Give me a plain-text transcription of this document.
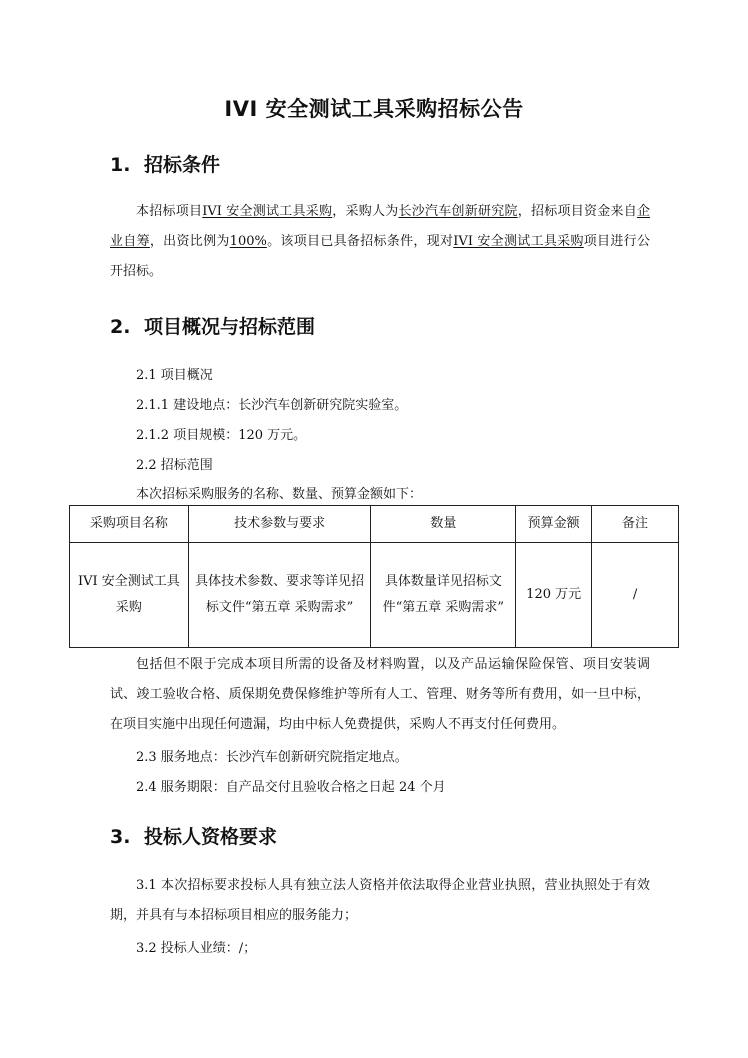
IVI 安全测试工具采购招标公告
1. 招标条件
本招标项目IVI 安全测试工具采购，采购人为长沙汽车创新研究院，招标项目资金来自企业自筹，出资比例为100%。该项目已具备招标条件，现对IVI 安全测试工具采购项目进行公开招标。
2. 项目概况与招标范围
2.1 项目概况
2.1.1 建设地点：长沙汽车创新研究院实验室。
2.1.2 项目规模：120 万元。
2.2 招标范围
本次招标采购服务的名称、数量、预算金额如下：
采购项目名称	技术参数与要求	数量	预算金额	备注
IVI 安全测试工具采购	具体技术参数、要求等详见招标文件“第五章 采购需求”	具体数量详见招标文件“第五章 采购需求”	120 万元	/
包括但不限于完成本项目所需的设备及材料购置，以及产品运输保险保管、项目安装调试、竣工验收合格、质保期免费保修维护等所有人工、管理、财务等所有费用，如一旦中标，在项目实施中出现任何遗漏，均由中标人免费提供，采购人不再支付任何费用。
2.3 服务地点：长沙汽车创新研究院指定地点。
2.4 服务期限：自产品交付且验收合格之日起 24 个月
3. 投标人资格要求
3.1 本次招标要求投标人具有独立法人资格并依法取得企业营业执照，营业执照处于有效期，并具有与本招标项目相应的服务能力；
3.2 投标人业绩：/；
